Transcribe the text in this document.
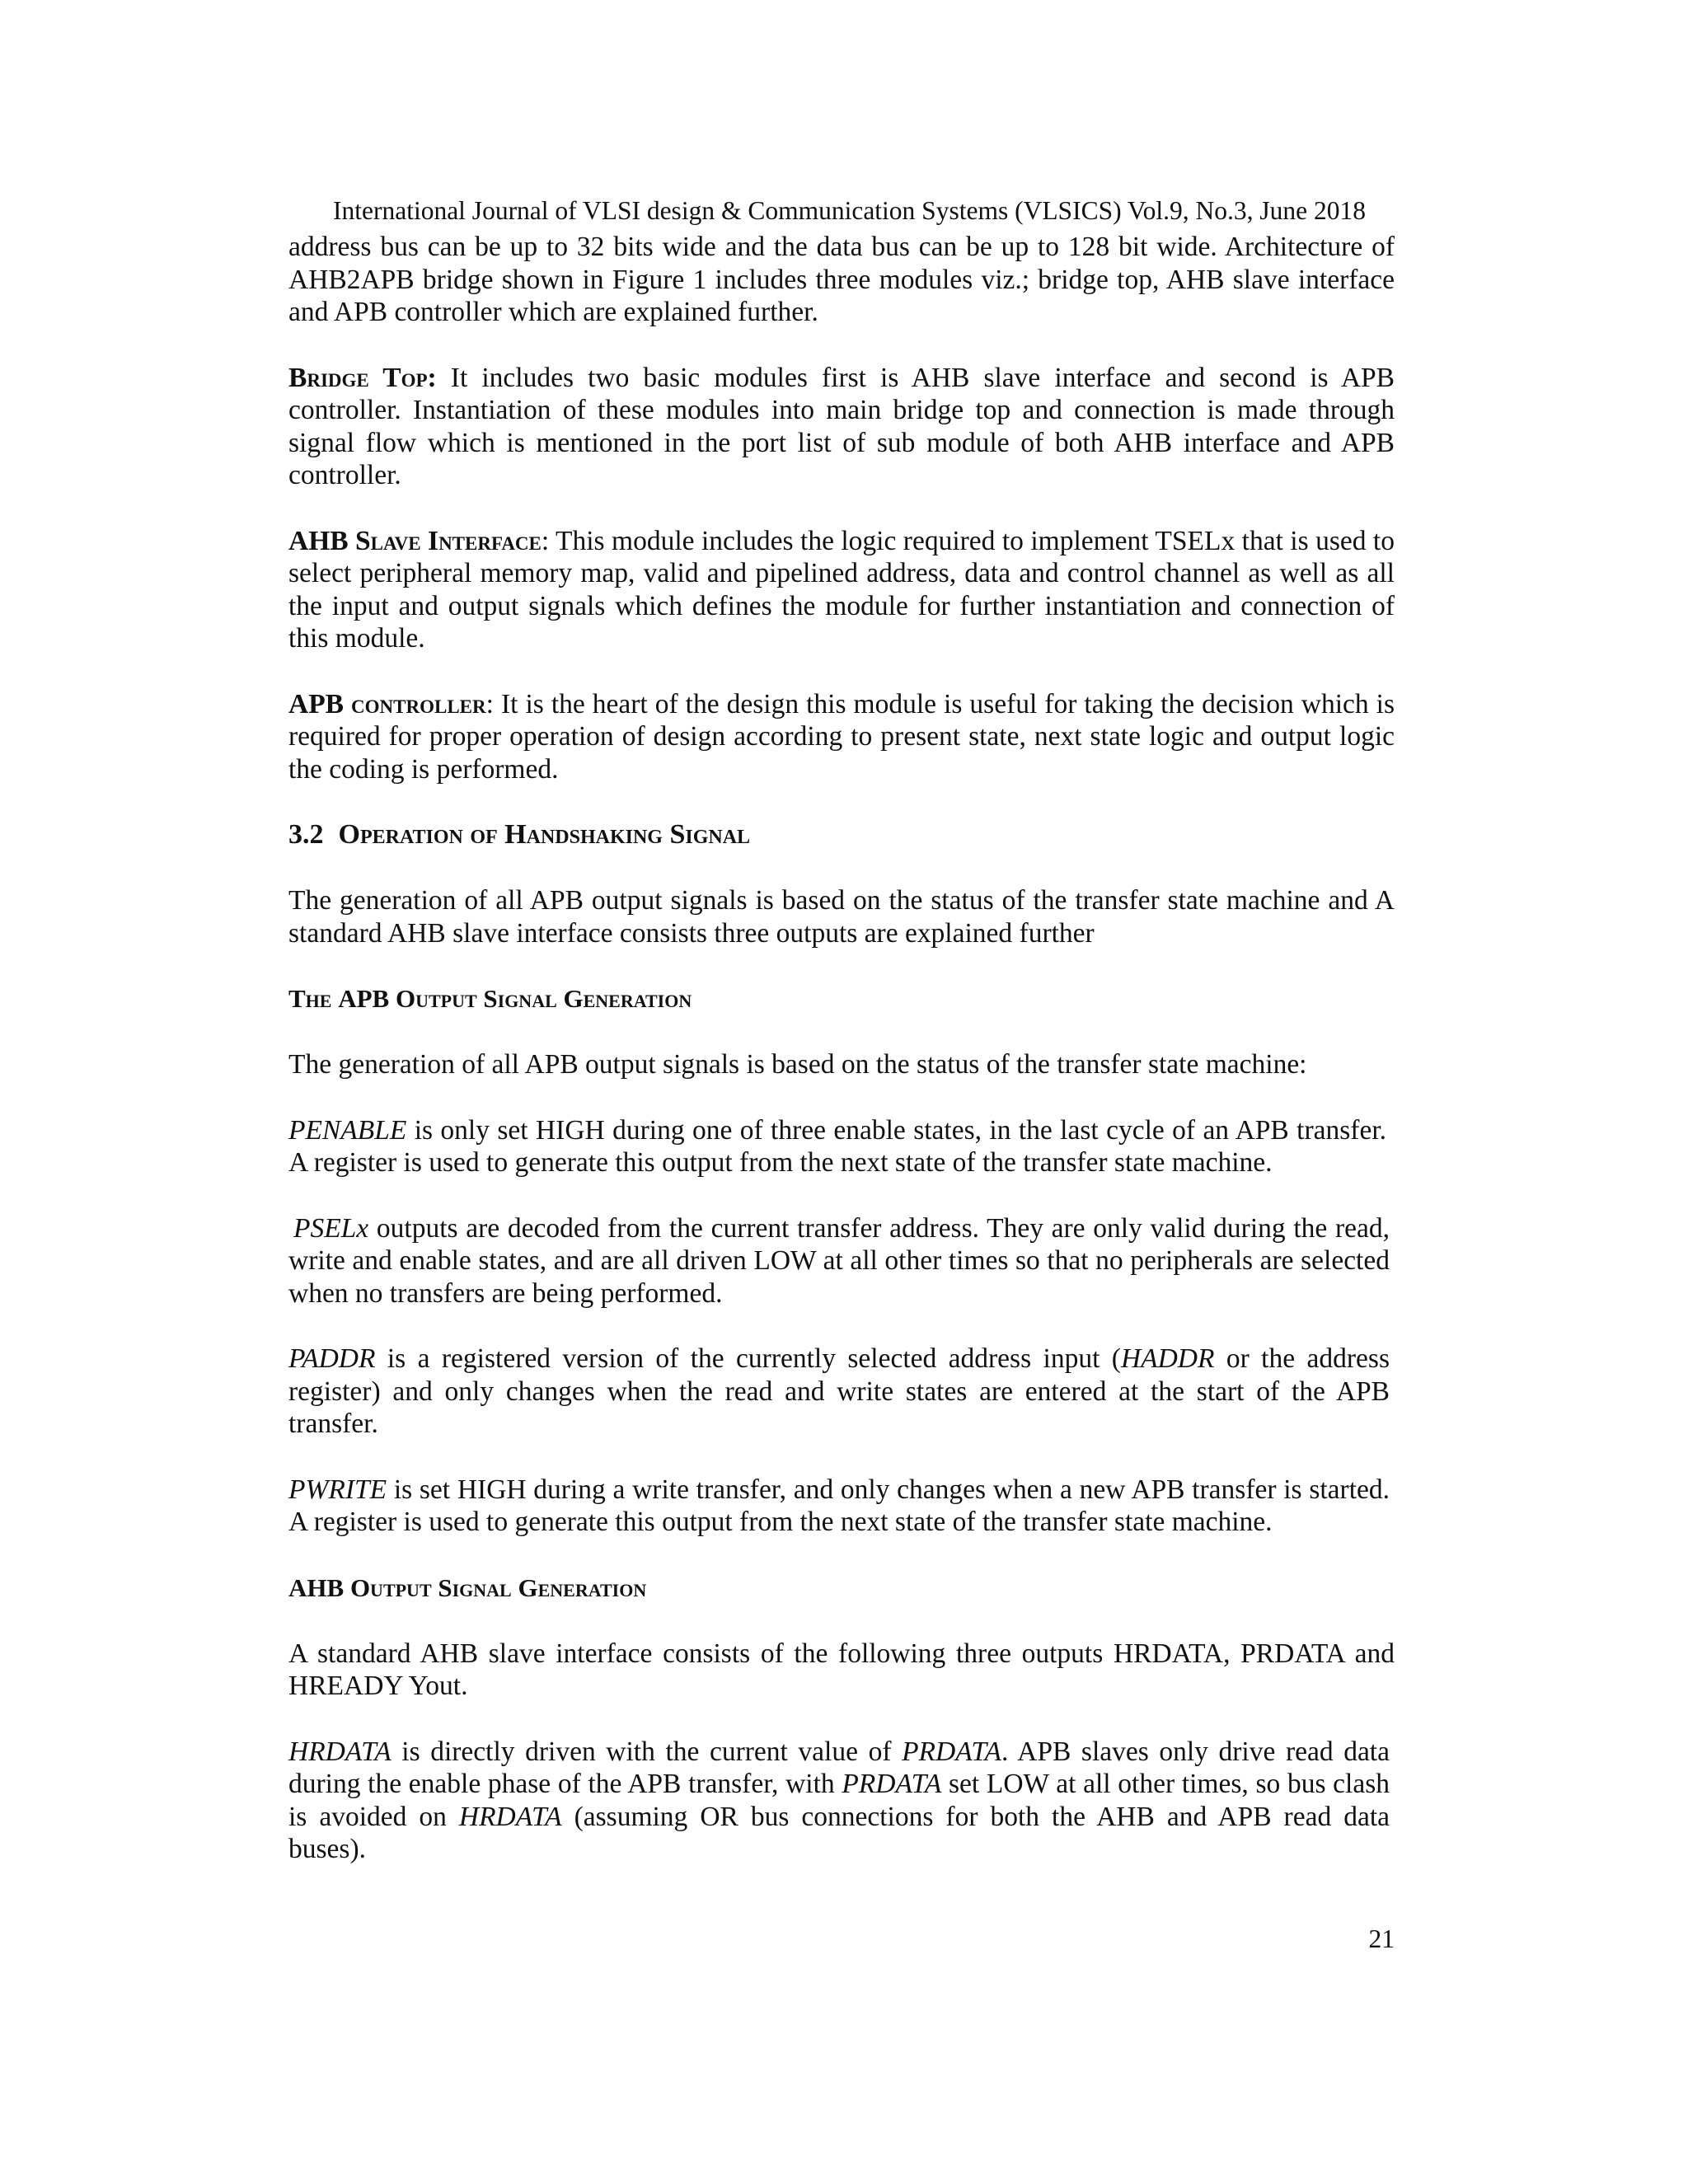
International Journal of VLSI design & Communication Systems (VLSICS) Vol.9, No.3, June 2018

address bus can be up to 32 bits wide and the data bus can be up to 128 bit wide. Architecture of AHB2APB bridge shown in Figure 1 includes three modules viz.; bridge top, AHB slave interface and APB controller which are explained further.

Bridge Top: It includes two basic modules first is AHB slave interface and second is APB controller. Instantiation of these modules into main bridge top and connection is made through signal flow which is mentioned in the port list of sub module of both AHB interface and APB controller.

AHB Slave Interface: This module includes the logic required to implement TSELx that is used to select peripheral memory map, valid and pipelined address, data and control channel as well as all the input and output signals which defines the module for further instantiation and connection of this module.

APB controller: It is the heart of the design this module is useful for taking the decision which is required for proper operation of design according to present state, next state logic and output logic the coding is performed.

3.2 Operation of Handshaking Signal

The generation of all APB output signals is based on the status of the transfer state machine and A standard AHB slave interface consists three outputs are explained further

The APB Output Signal Generation

The generation of all APB output signals is based on the status of the transfer state machine:

PENABLE is only set HIGH during one of three enable states, in the last cycle of an APB transfer. A register is used to generate this output from the next state of the transfer state machine.

PSELx outputs are decoded from the current transfer address. They are only valid during the read, write and enable states, and are all driven LOW at all other times so that no peripherals are selected when no transfers are being performed.

PADDR is a registered version of the currently selected address input (HADDR or the address register) and only changes when the read and write states are entered at the start of the APB transfer.

PWRITE is set HIGH during a write transfer, and only changes when a new APB transfer is started. A register is used to generate this output from the next state of the transfer state machine.

AHB Output Signal Generation

A standard AHB slave interface consists of the following three outputs HRDATA, PRDATA and HREADY Yout.

HRDATA is directly driven with the current value of PRDATA. APB slaves only drive read data during the enable phase of the APB transfer, with PRDATA set LOW at all other times, so bus clash is avoided on HRDATA (assuming OR bus connections for both the AHB and APB read data buses).

21
